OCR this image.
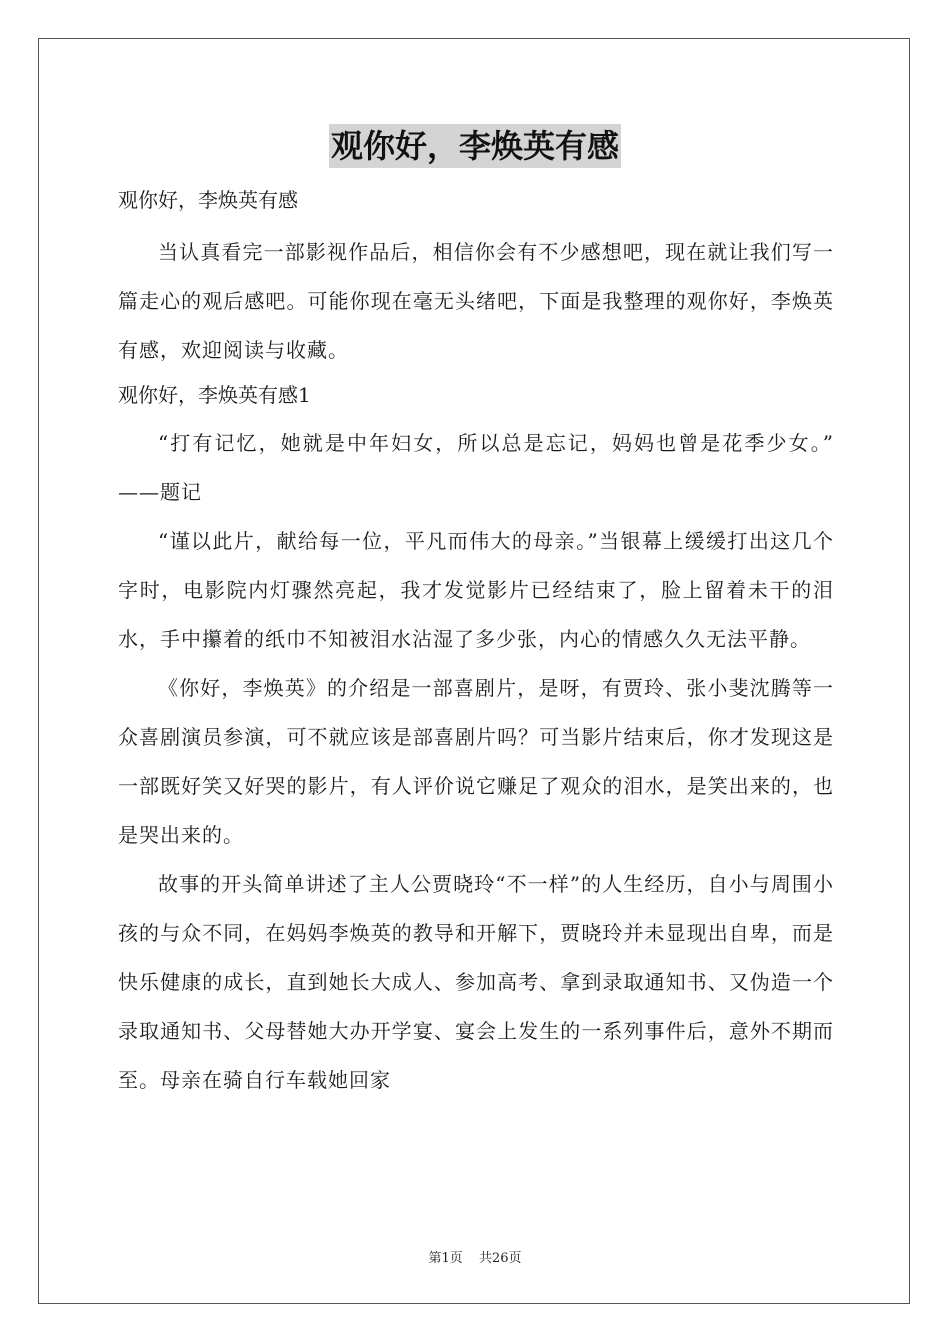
观你好，李焕英有感
观你好，李焕英有感

当认真看完一部影视作品后，相信你会有不少感想吧，现在就让我们写一篇走心的观后感吧。可能你现在毫无头绪吧，下面是我整理的观你好，李焕英有感，欢迎阅读与收藏。

观你好，李焕英有感1

“打有记忆，她就是中年妇女，所以总是忘记，妈妈也曾是花季少女。” ——题记

“谨以此片，献给每一位，平凡而伟大的母亲。”当银幕上缓缓打出这几个字时，电影院内灯骤然亮起，我才发觉影片已经结束了，脸上留着未干的泪水，手中攥着的纸巾不知被泪水沾湿了多少张，内心的情感久久无法平静。

《你好，李焕英》的介绍是一部喜剧片，是呀，有贾玲、张小斐沈腾等一众喜剧演员参演，可不就应该是部喜剧片吗？可当影片结束后，你才发现这是一部既好笑又好哭的影片，有人评价说它赚足了观众的泪水，是笑出来的，也是哭出来的。

故事的开头简单讲述了主人公贾晓玲“不一样”的人生经历，自小与周围小孩的与众不同，在妈妈李焕英的教导和开解下，贾晓玲并未显现出自卑，而是快乐健康的成长，直到她长大成人、参加高考、拿到录取通知书、又伪造一个录取通知书、父母替她大办开学宴、宴会上发生的一系列事件后，意外不期而至。母亲在骑自行车载她回家

第1页 共26页
